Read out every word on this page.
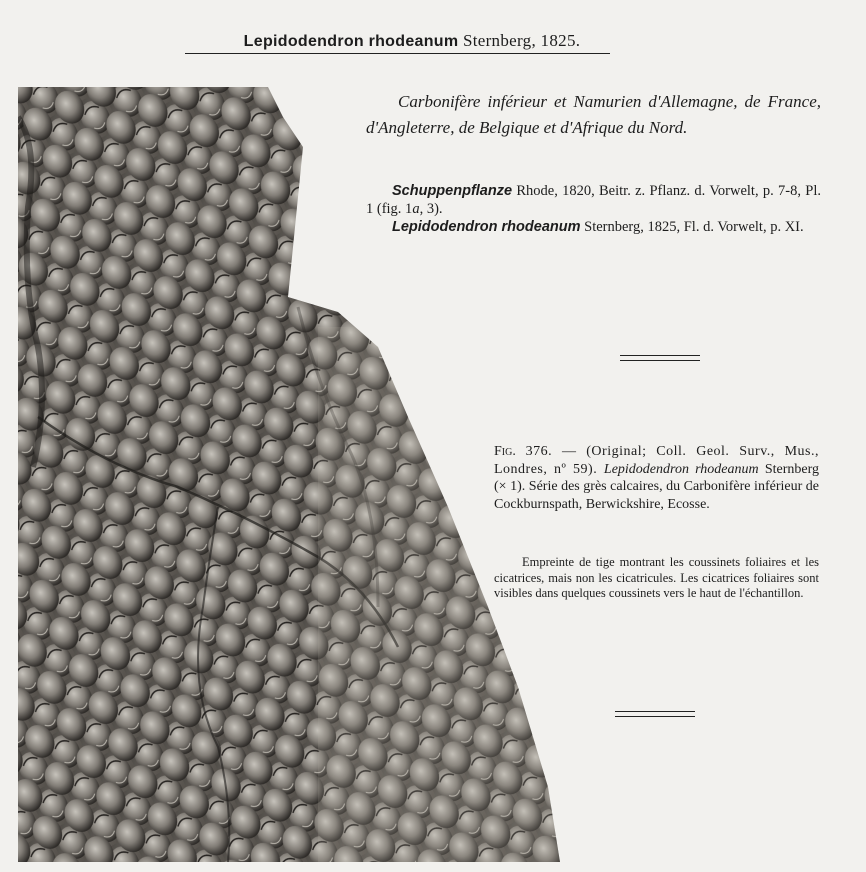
Lepidodendron rhodeanum Sternberg, 1825.
Carbonifère inférieur et Namurien d'Allemagne, de France, d'Angleterre, de Belgique et d'Afrique du Nord.

Schuppenpflanze Rhode, 1820, Beitr. z. Pflanz. d. Vorwelt, p. 7-8, Pl. 1 (fig. 1a, 3).

Lepidodendron rhodeanum Sternberg, 1825, Fl. d. Vorwelt, p. XI.

Fig. 376. — (Original; Coll. Geol. Surv., Mus., Londres, nº 59). Lepidodendron rhodeanum Sternberg (× 1). Série des grès calcaires, du Carbonifère inférieur de Cockburnspath, Berwickshire, Ecosse.
Empreinte de tige montrant les coussinets foliaires et les cicatrices, mais non les cicatricules. Les cicatrices foliaires sont visibles dans quelques coussinets vers le haut de l'échantillon.
